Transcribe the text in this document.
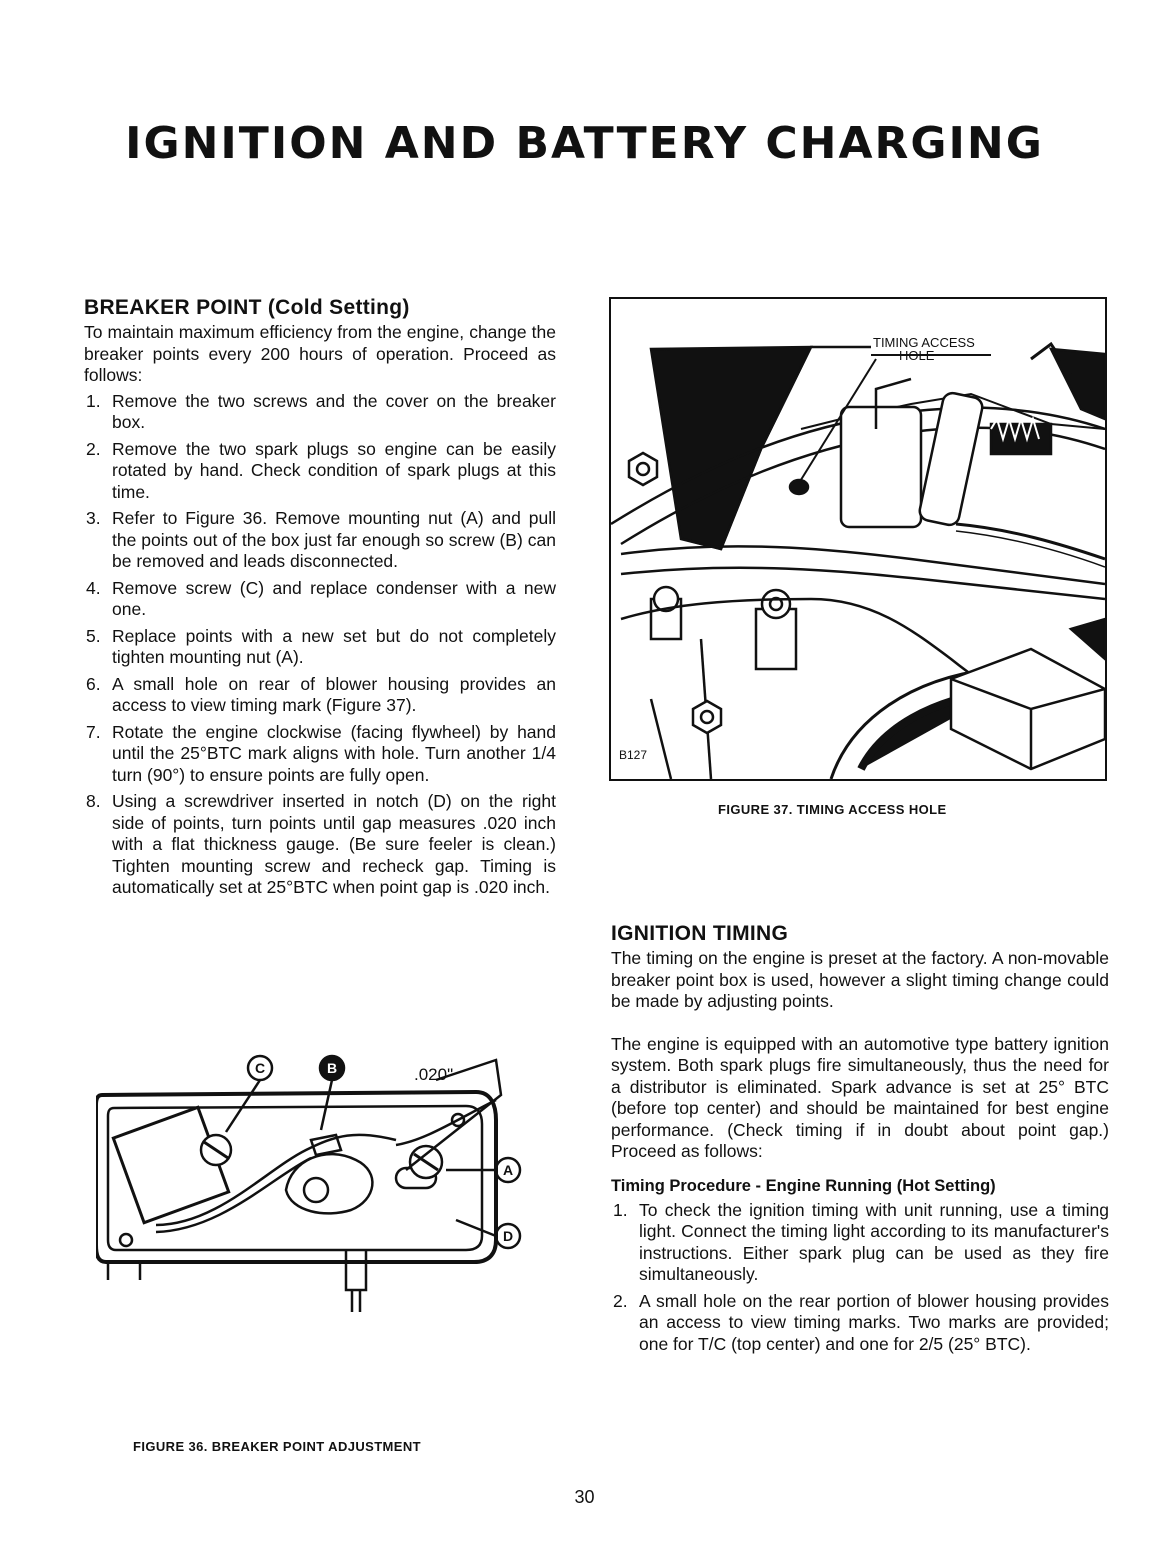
IGNITION AND BATTERY CHARGING
BREAKER POINT (Cold Setting)

To maintain maximum efficiency from the engine, change the breaker points every 200 hours of operation. Proceed as follows:

1. Remove the two screws and the cover on the breaker box.
2. Remove the two spark plugs so engine can be easily rotated by hand. Check condition of spark plugs at this time.
3. Refer to Figure 36. Remove mounting nut (A) and pull the points out of the box just far enough so screw (B) can be removed and leads disconnected.
4. Remove screw (C) and replace condenser with a new one.
5. Replace points with a new set but do not completely tighten mounting nut (A).
6. A small hole on rear of blower housing provides an access to view timing mark (Figure 37).
7. Rotate the engine clockwise (facing flywheel) by hand until the 25°BTC mark aligns with hole. Turn another 1/4 turn (90°) to ensure points are fully open.
8. Using a screwdriver inserted in notch (D) on the right side of points, turn points until gap measures .020 inch with a flat thickness gauge. (Be sure feeler is clean.) Tighten mounting screw and recheck gap. Timing is automatically set at 25°BTC when point gap is .020 inch.
TIMING ACCESS
HOLE
B127
FIGURE 37. TIMING ACCESS HOLE
C	B
A
D
.020"
FIGURE 36. BREAKER POINT ADJUSTMENT
IGNITION TIMING

The timing on the engine is preset at the factory. A non-movable breaker point box is used, however a slight timing change could be made by adjusting points.

The engine is equipped with an automotive type battery ignition system. Both spark plugs fire simultaneously, thus the need for a distributor is eliminated. Spark advance is set at 25° BTC (before top center) and should be maintained for best engine performance. (Check timing if in doubt about point gap.) Proceed as follows:

Timing Procedure - Engine Running (Hot Setting)
1. To check the ignition timing with unit running, use a timing light. Connect the timing light according to its manufacturer's instructions. Either spark plug can be used as they fire simultaneously.
2. A small hole on the rear portion of blower housing provides an access to view timing marks. Two marks are provided; one for T/C (top center) and one for 2/5 (25° BTC).
30
